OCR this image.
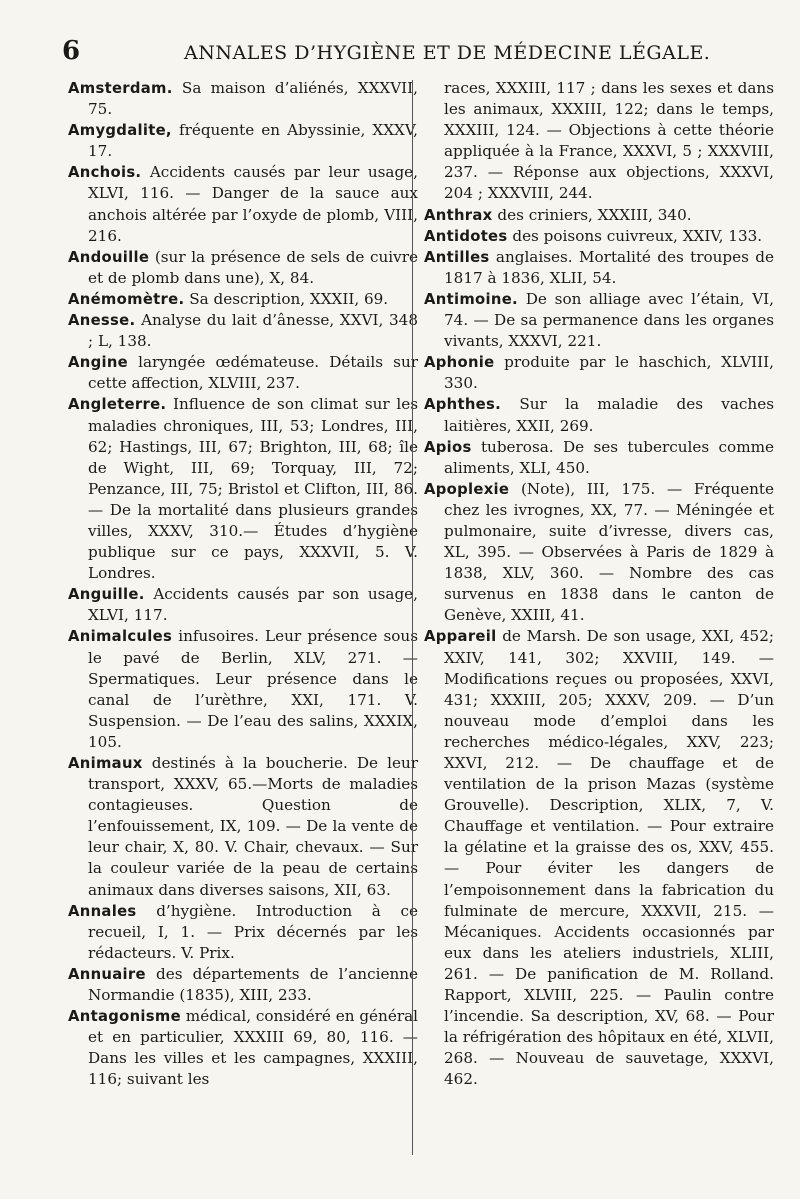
6	ANNALES D’HYGIÈNE ET DE MÉDECINE LÉGALE.
Amsterdam. Sa maison d’aliénés, XXXVII, 75.
Amygdalite, fréquente en Abyssinie, XXXV, 17.
Anchois. Accidents causés par leur usage, XLVI, 116. — Danger de la sauce aux anchois altérée par l’oxyde de plomb, VIII, 216.
Andouille (sur la présence de sels de cuivre et de plomb dans une), X, 84.
Anémomètre. Sa description, XXXII, 69.
Anesse. Analyse du lait d’ânesse, XXVI, 348 ; L, 138.
Angine laryngée œdémateuse. Détails sur cette affection, XLVIII, 237.
Angleterre. Influence de son climat sur les maladies chroniques, III, 53; Londres, III, 62; Hastings, III, 67; Brighton, III, 68; île de Wight, III, 69; Torquay, III, 72; Penzance, III, 75; Bristol et Clifton, III, 86. — De la mortalité dans plusieurs grandes villes, XXXV, 310.— Études d’hygiène publique sur ce pays, XXXVII, 5. V. Londres.
Anguille. Accidents causés par son usage, XLVI, 117.
Animalcules infusoires. Leur présence sous le pavé de Berlin, XLV, 271. — Spermatiques. Leur présence dans le canal de l’urèthre, XXI, 171. V. Suspension. — De l’eau des salins, XXXIX, 105.
Animaux destinés à la boucherie. De leur transport, XXXV, 65.—Morts de maladies contagieuses. Question de l’enfouissement, IX, 109. — De la vente de leur chair, X, 80. V. Chair, chevaux. — Sur la couleur variée de la peau de certains animaux dans diverses saisons, XII, 63.
Annales d’hygiène. Introduction à ce recueil, I, 1. — Prix décernés par les rédacteurs. V. Prix.
Annuaire des départements de l’ancienne Normandie (1835), XIII, 233.
Antagonisme médical, considéré en général et en particulier, XXXIII 69, 80, 116. — Dans les villes et les campagnes, XXXIII, 116; suivant les
races, XXXIII, 117 ; dans les sexes et dans les animaux, XXXIII, 122; dans le temps, XXXIII, 124. — Objections à cette théorie appliquée à la France, XXXVI, 5 ; XXXVIII, 237. — Réponse aux objections, XXXVI, 204 ; XXXVIII, 244.
Anthrax des criniers, XXXIII, 340.
Antidotes des poisons cuivreux, XXIV, 133.
Antilles anglaises. Mortalité des troupes de 1817 à 1836, XLII, 54.
Antimoine. De son alliage avec l’étain, VI, 74. — De sa permanence dans les organes vivants, XXXVI, 221.
Aphonie produite par le haschich, XLVIII, 330.
Aphthes. Sur la maladie des vaches laitières, XXII, 269.
Apios tuberosa. De ses tubercules comme aliments, XLI, 450.
Apoplexie (Note), III, 175. — Fréquente chez les ivrognes, XX, 77. — Méningée et pulmonaire, suite d’ivresse, divers cas, XL, 395. — Observées à Paris de 1829 à 1838, XLV, 360. — Nombre des cas survenus en 1838 dans le canton de Genève, XXIII, 41.
Appareil de Marsh. De son usage, XXI, 452; XXIV, 141, 302; XXVIII, 149. — Modifications reçues ou proposées, XXVI, 431; XXXIII, 205; XXXV, 209. — D’un nouveau mode d’emploi dans les recherches médico-légales, XXV, 223; XXVI, 212. — De chauffage et de ventilation de la prison Mazas (système Grouvelle). Description, XLIX, 7, V. Chauffage et ventilation. — Pour extraire la gélatine et la graisse des os, XXV, 455. — Pour éviter les dangers de l’empoisonnement dans la fabrication du fulminate de mercure, XXXVII, 215. — Mécaniques. Accidents occasionnés par eux dans les ateliers industriels, XLIII, 261. — De panification de M. Rolland. Rapport, XLVIII, 225. — Paulin contre l’incendie. Sa description, XV, 68. — Pour la réfrigération des hôpitaux en été, XLVII, 268. — Nouveau de sauvetage, XXXVI, 462.
